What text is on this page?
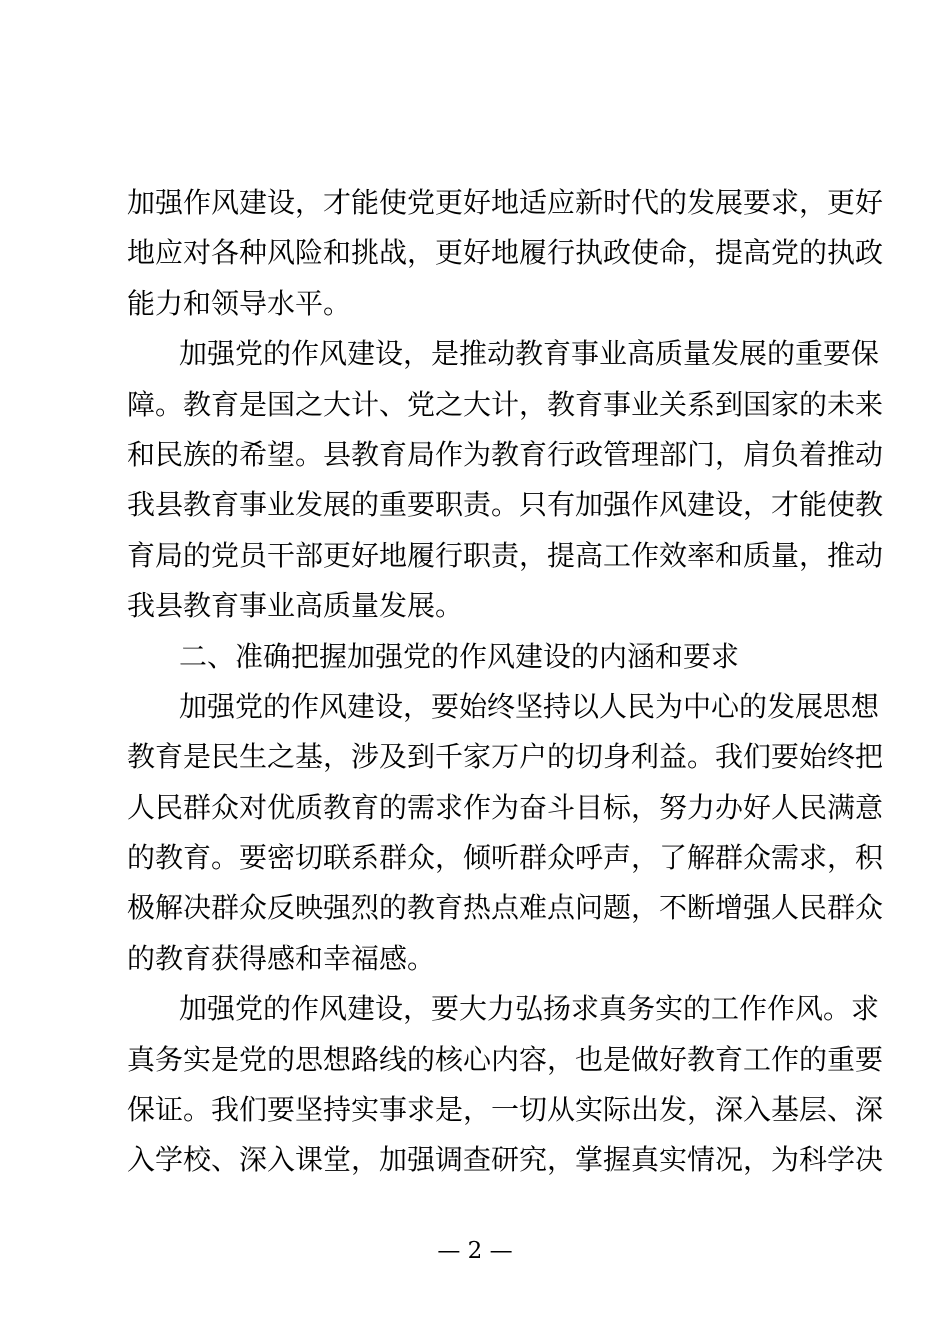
加强作风建设，才能使党更好地适应新时代的发展要求，更好
地应对各种风险和挑战，更好地履行执政使命，提高党的执政
能力和领导水平。
加强党的作风建设，是推动教育事业高质量发展的重要保
障。教育是国之大计、党之大计，教育事业关系到国家的未来
和民族的希望。县教育局作为教育行政管理部门，肩负着推动
我县教育事业发展的重要职责。只有加强作风建设，才能使教
育局的党员干部更好地履行职责，提高工作效率和质量，推动
我县教育事业高质量发展。
二、准确把握加强党的作风建设的内涵和要求
加强党的作风建设，要始终坚持以人民为中心的发展思想
教育是民生之基，涉及到千家万户的切身利益。我们要始终把
人民群众对优质教育的需求作为奋斗目标，努力办好人民满意
的教育。要密切联系群众，倾听群众呼声，了解群众需求，积
极解决群众反映强烈的教育热点难点问题，不断增强人民群众
的教育获得感和幸福感。
加强党的作风建设，要大力弘扬求真务实的工作作风。求
真务实是党的思想路线的核心内容，也是做好教育工作的重要
保证。我们要坚持实事求是，一切从实际出发，深入基层、深
入学校、深入课堂，加强调查研究，掌握真实情况，为科学决
— 2 —
